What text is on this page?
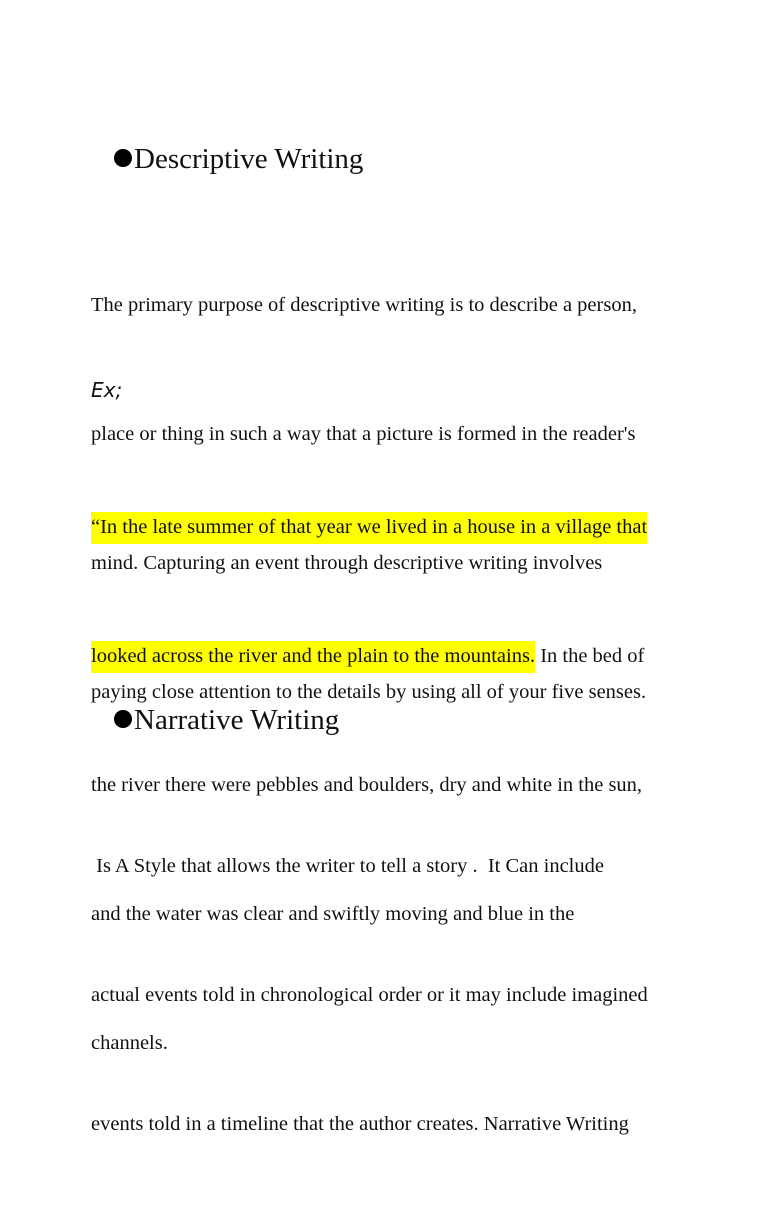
Descriptive Writing

The primary purpose of descriptive writing is to describe a person,

place or thing in such a way that a picture is formed in the reader's

mind. Capturing an event through descriptive writing involves

paying close attention to the details by using all of your five senses.

Ex;

“In the late summer of that year we lived in a house in a village that

looked across the river and the plain to the mountains. In the bed of

the river there were pebbles and boulders, dry and white in the sun,

and the water was clear and swiftly moving and blue in the

channels.

Narrative Writing

Is A Style that allows the writer to tell a story .  It Can include

actual events told in chronological order or it may include imagined

events told in a timeline that the author creates. Narrative Writing
